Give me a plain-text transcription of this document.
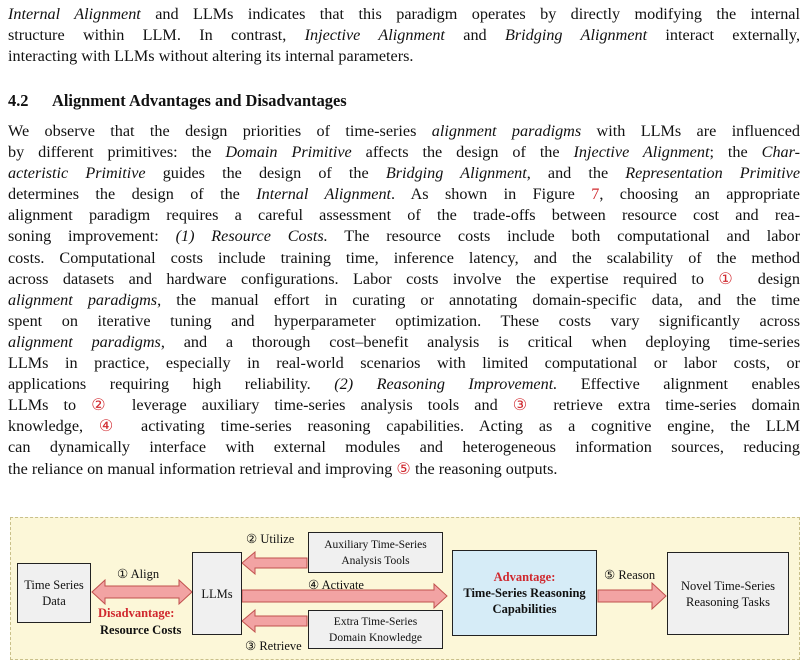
Internal Alignment and LLMs indicates that this paradigm operates by directly modifying the internal
structure within LLM. In contrast, Injective Alignment and Bridging Alignment interact externally,
interacting with LLMs without altering its internal parameters.
4.2 Alignment Advantages and Disadvantages
We observe that the design priorities of time-series alignment paradigms with LLMs are influenced
by different primitives: the Domain Primitive affects the design of the Injective Alignment; the Char-
acteristic Primitive guides the design of the Bridging Alignment, and the Representation Primitive
determines the design of the Internal Alignment. As shown in Figure 7, choosing an appropriate
alignment paradigm requires a careful assessment of the trade-offs between resource cost and rea-
soning improvement: (1) Resource Costs. The resource costs include both computational and labor
costs. Computational costs include training time, inference latency, and the scalability of the method
across datasets and hardware configurations. Labor costs involve the expertise required to ① design
alignment paradigms, the manual effort in curating or annotating domain-specific data, and the time
spent on iterative tuning and hyperparameter optimization. These costs vary significantly across
alignment paradigms, and a thorough cost–benefit analysis is critical when deploying time-series
LLMs in practice, especially in real-world scenarios with limited computational or labor costs, or
applications requiring high reliability. (2) Reasoning Improvement. Effective alignment enables
LLMs to ② leverage auxiliary time-series analysis tools and ③ retrieve extra time-series domain
knowledge, ④ activating time-series reasoning capabilities. Acting as a cognitive engine, the LLM
can dynamically interface with external modules and heterogeneous information sources, reducing
the reliance on manual information retrieval and improving ⑤ the reasoning outputs.
Time Series
Data
LLMs
Auxiliary Time-Series
Analysis Tools
Extra Time-Series
Domain Knowledge
Advantage:
Time-Series Reasoning
Capabilities
Novel Time-Series
Reasoning Tasks
② Utilize
① Align
④ Activate
⑤ Reason
③ Retrieve
Disadvantage:
Resource Costs
